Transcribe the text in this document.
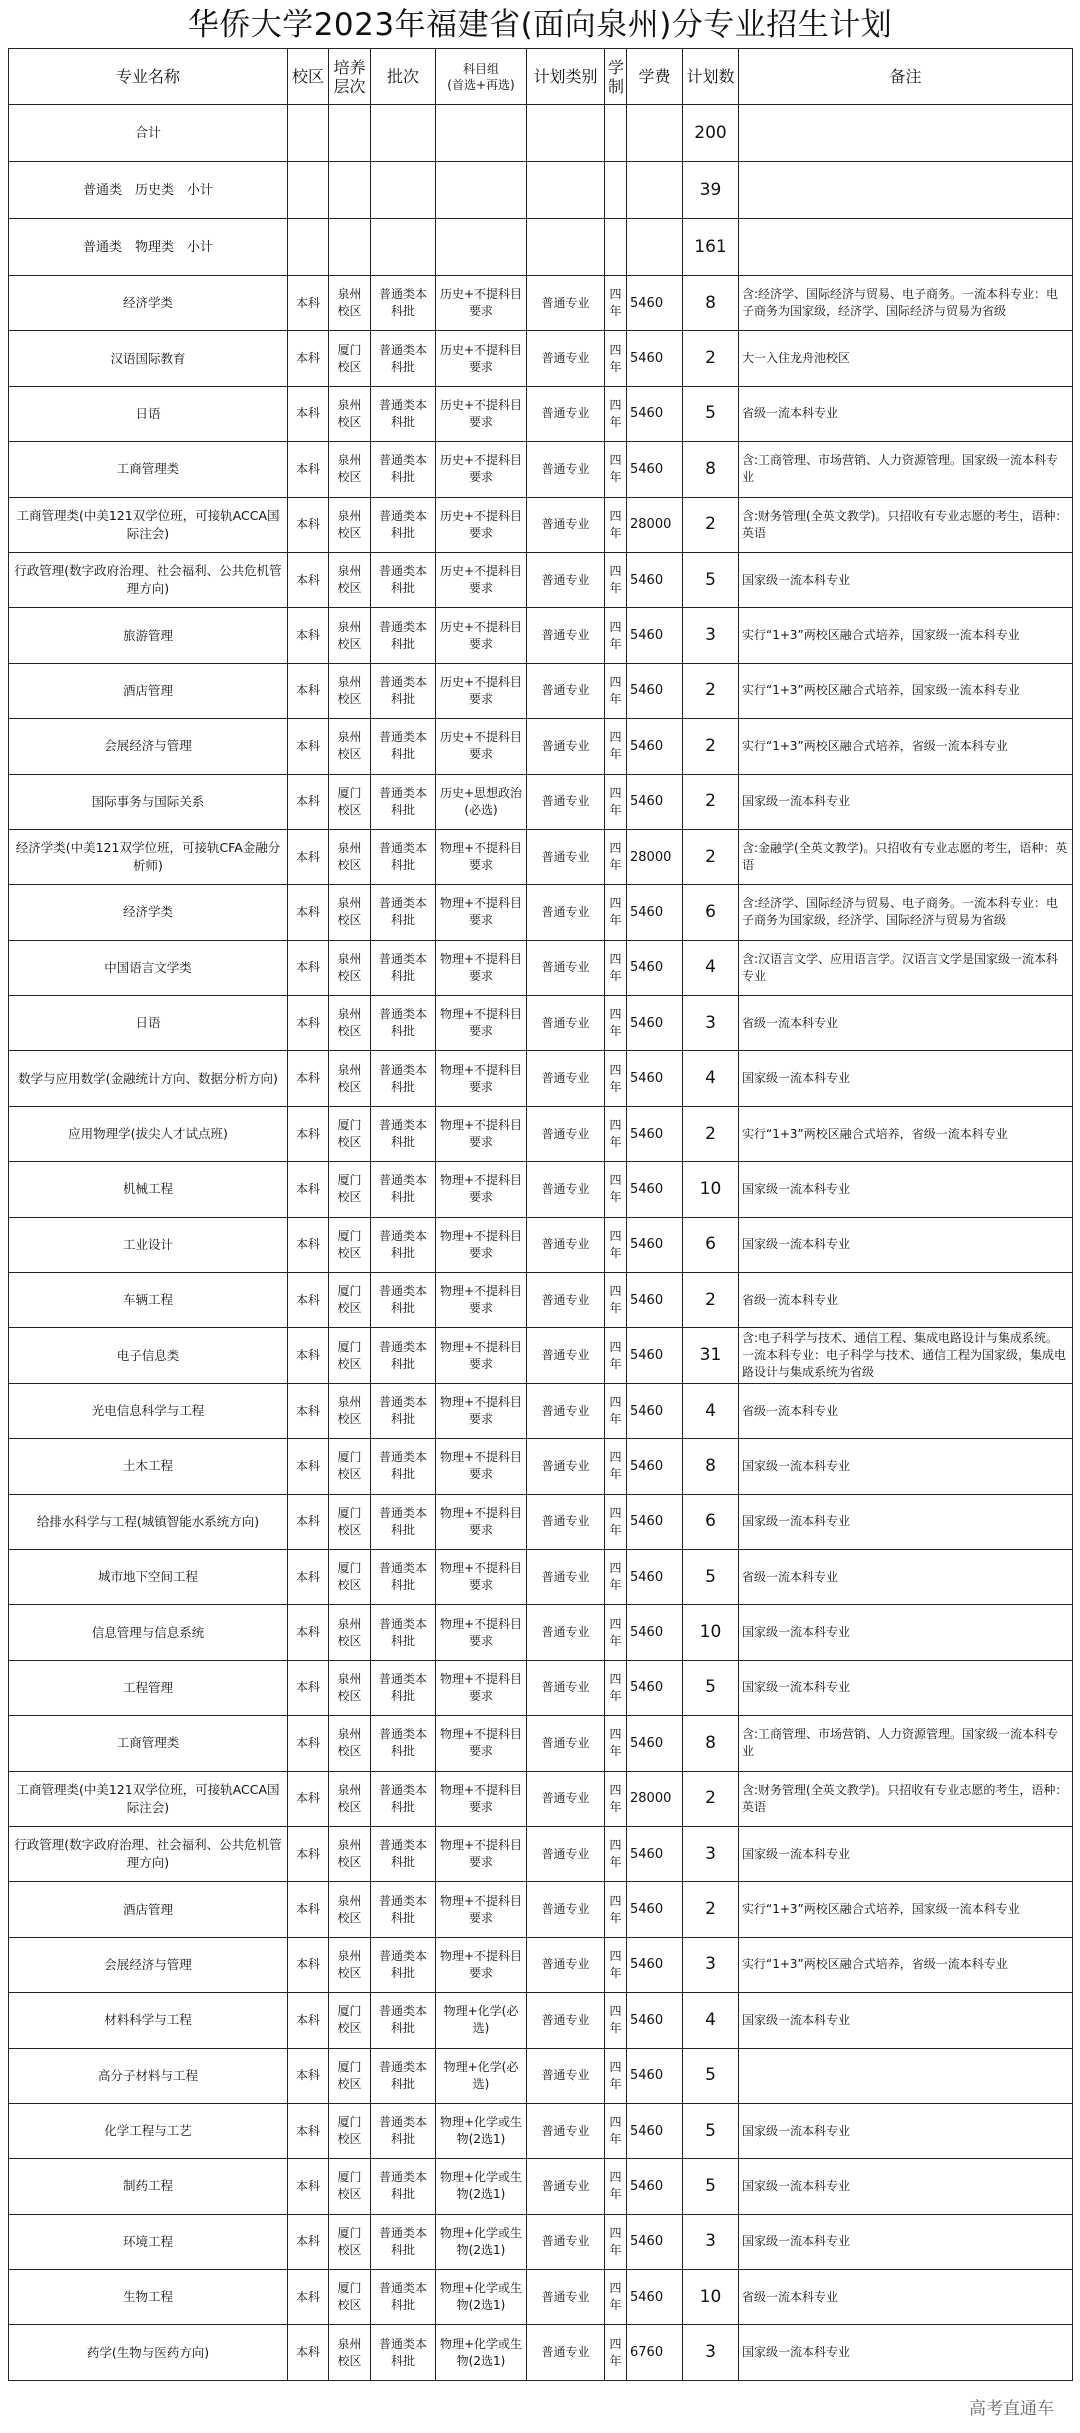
华侨大学2023年福建省(面向泉州)分专业招生计划
专业名称	校区	培养层次	批次	科目组
(首选+再选)	计划类别	学制	学费	计划数	备注
合计								200	
普通类　历史类　小计								39	
普通类　物理类　小计								161	
经济学类	本科	泉州校区	普通类本科批	历史+不提科目要求	普通专业	四年	5460	8	含:经济学、国际经济与贸易、电子商务。一流本科专业：电子商务为国家级，经济学、国际经济与贸易为省级
汉语国际教育	本科	厦门校区	普通类本科批	历史+不提科目要求	普通专业	四年	5460	2	大一入住龙舟池校区
日语	本科	泉州校区	普通类本科批	历史+不提科目要求	普通专业	四年	5460	5	省级一流本科专业
工商管理类	本科	泉州校区	普通类本科批	历史+不提科目要求	普通专业	四年	5460	8	含:工商管理、市场营销、人力资源管理。国家级一流本科专业
工商管理类(中美121双学位班，可接轨ACCA国际注会)	本科	泉州校区	普通类本科批	历史+不提科目要求	普通专业	四年	28000	2	含:财务管理(全英文教学)。只招收有专业志愿的考生，语种：英语
行政管理(数字政府治理、社会福利、公共危机管理方向)	本科	泉州校区	普通类本科批	历史+不提科目要求	普通专业	四年	5460	5	国家级一流本科专业
旅游管理	本科	泉州校区	普通类本科批	历史+不提科目要求	普通专业	四年	5460	3	实行“1+3”两校区融合式培养，国家级一流本科专业
酒店管理	本科	泉州校区	普通类本科批	历史+不提科目要求	普通专业	四年	5460	2	实行“1+3”两校区融合式培养，国家级一流本科专业
会展经济与管理	本科	泉州校区	普通类本科批	历史+不提科目要求	普通专业	四年	5460	2	实行“1+3”两校区融合式培养，省级一流本科专业
国际事务与国际关系	本科	厦门校区	普通类本科批	历史+思想政治(必选)	普通专业	四年	5460	2	国家级一流本科专业
经济学类(中美121双学位班，可接轨CFA金融分析师)	本科	泉州校区	普通类本科批	物理+不提科目要求	普通专业	四年	28000	2	含:金融学(全英文教学)。只招收有专业志愿的考生，语种：英语
经济学类	本科	泉州校区	普通类本科批	物理+不提科目要求	普通专业	四年	5460	6	含:经济学、国际经济与贸易、电子商务。一流本科专业：电子商务为国家级，经济学、国际经济与贸易为省级
中国语言文学类	本科	泉州校区	普通类本科批	物理+不提科目要求	普通专业	四年	5460	4	含:汉语言文学、应用语言学。汉语言文学是国家级一流本科专业
日语	本科	泉州校区	普通类本科批	物理+不提科目要求	普通专业	四年	5460	3	省级一流本科专业
数学与应用数学(金融统计方向、数据分析方向)	本科	泉州校区	普通类本科批	物理+不提科目要求	普通专业	四年	5460	4	国家级一流本科专业
应用物理学(拔尖人才试点班)	本科	厦门校区	普通类本科批	物理+不提科目要求	普通专业	四年	5460	2	实行“1+3”两校区融合式培养，省级一流本科专业
机械工程	本科	厦门校区	普通类本科批	物理+不提科目要求	普通专业	四年	5460	10	国家级一流本科专业
工业设计	本科	厦门校区	普通类本科批	物理+不提科目要求	普通专业	四年	5460	6	国家级一流本科专业
车辆工程	本科	厦门校区	普通类本科批	物理+不提科目要求	普通专业	四年	5460	2	省级一流本科专业
电子信息类	本科	厦门校区	普通类本科批	物理+不提科目要求	普通专业	四年	5460	31	含:电子科学与技术、通信工程、集成电路设计与集成系统。一流本科专业：电子科学与技术、通信工程为国家级，集成电路设计与集成系统为省级
光电信息科学与工程	本科	泉州校区	普通类本科批	物理+不提科目要求	普通专业	四年	5460	4	省级一流本科专业
土木工程	本科	厦门校区	普通类本科批	物理+不提科目要求	普通专业	四年	5460	8	国家级一流本科专业
给排水科学与工程(城镇智能水系统方向)	本科	厦门校区	普通类本科批	物理+不提科目要求	普通专业	四年	5460	6	国家级一流本科专业
城市地下空间工程	本科	厦门校区	普通类本科批	物理+不提科目要求	普通专业	四年	5460	5	省级一流本科专业
信息管理与信息系统	本科	泉州校区	普通类本科批	物理+不提科目要求	普通专业	四年	5460	10	国家级一流本科专业
工程管理	本科	泉州校区	普通类本科批	物理+不提科目要求	普通专业	四年	5460	5	国家级一流本科专业
工商管理类	本科	泉州校区	普通类本科批	物理+不提科目要求	普通专业	四年	5460	8	含:工商管理、市场营销、人力资源管理。国家级一流本科专业
工商管理类(中美121双学位班，可接轨ACCA国际注会)	本科	泉州校区	普通类本科批	物理+不提科目要求	普通专业	四年	28000	2	含:财务管理(全英文教学)。只招收有专业志愿的考生，语种：英语
行政管理(数字政府治理、社会福利、公共危机管理方向)	本科	泉州校区	普通类本科批	物理+不提科目要求	普通专业	四年	5460	3	国家级一流本科专业
酒店管理	本科	泉州校区	普通类本科批	物理+不提科目要求	普通专业	四年	5460	2	实行“1+3”两校区融合式培养，国家级一流本科专业
会展经济与管理	本科	泉州校区	普通类本科批	物理+不提科目要求	普通专业	四年	5460	3	实行“1+3”两校区融合式培养，省级一流本科专业
材料科学与工程	本科	厦门校区	普通类本科批	物理+化学(必选)	普通专业	四年	5460	4	国家级一流本科专业
高分子材料与工程	本科	厦门校区	普通类本科批	物理+化学(必选)	普通专业	四年	5460	5	
化学工程与工艺	本科	厦门校区	普通类本科批	物理+化学或生物(2选1)	普通专业	四年	5460	5	国家级一流本科专业
制药工程	本科	厦门校区	普通类本科批	物理+化学或生物(2选1)	普通专业	四年	5460	5	国家级一流本科专业
环境工程	本科	厦门校区	普通类本科批	物理+化学或生物(2选1)	普通专业	四年	5460	3	国家级一流本科专业
生物工程	本科	厦门校区	普通类本科批	物理+化学或生物(2选1)	普通专业	四年	5460	10	省级一流本科专业
药学(生物与医药方向)	本科	泉州校区	普通类本科批	物理+化学或生物(2选1)	普通专业	四年	6760	3	国家级一流本科专业
高考直通车
